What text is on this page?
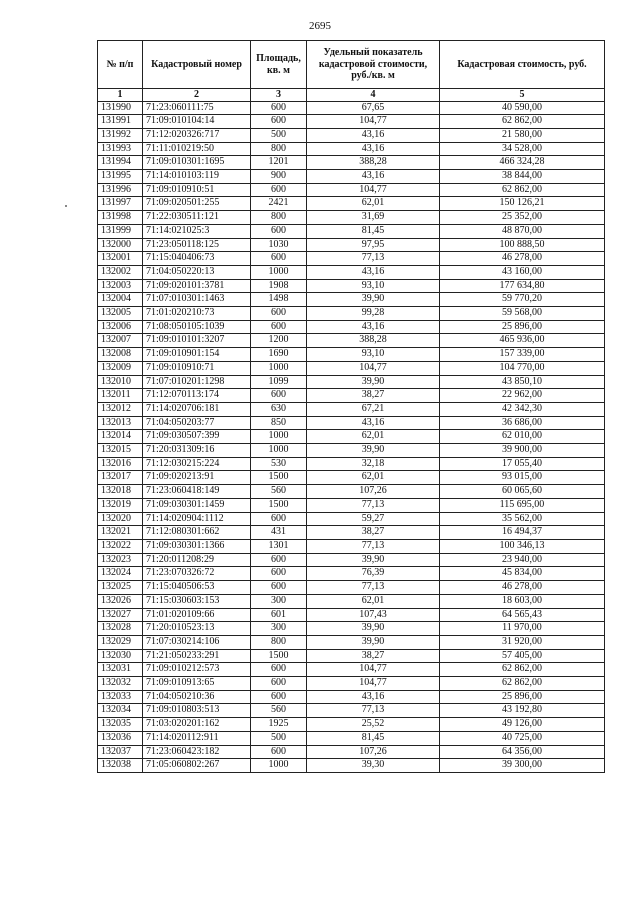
2695
№ п/п	Кадастровый номер	Площадь, кв. м	Удельный показатель кадастровой стоимости, руб./кв. м	Кадастровая стоимость, руб.
1	2	3	4	5
131990	71:23:060111:75	600	67,65	40 590,00
131991	71:09:010104:14	600	104,77	62 862,00
131992	71:12:020326:717	500	43,16	21 580,00
131993	71:11:010219:50	800	43,16	34 528,00
131994	71:09:010301:1695	1201	388,28	466 324,28
131995	71:14:010103:119	900	43,16	38 844,00
131996	71:09:010910:51	600	104,77	62 862,00
131997	71:09:020501:255	2421	62,01	150 126,21
131998	71:22:030511:121	800	31,69	25 352,00
131999	71:14:021025:3	600	81,45	48 870,00
132000	71:23:050118:125	1030	97,95	100 888,50
132001	71:15:040406:73	600	77,13	46 278,00
132002	71:04:050220:13	1000	43,16	43 160,00
132003	71:09:020101:3781	1908	93,10	177 634,80
132004	71:07:010301:1463	1498	39,90	59 770,20
132005	71:01:020210:73	600	99,28	59 568,00
132006	71:08:050105:1039	600	43,16	25 896,00
132007	71:09:010101:3207	1200	388,28	465 936,00
132008	71:09:010901:154	1690	93,10	157 339,00
132009	71:09:010910:71	1000	104,77	104 770,00
132010	71:07:010201:1298	1099	39,90	43 850,10
132011	71:12:070113:174	600	38,27	22 962,00
132012	71:14:020706:181	630	67,21	42 342,30
132013	71:04:050203:77	850	43,16	36 686,00
132014	71:09:030507:399	1000	62,01	62 010,00
132015	71:20:031309:16	1000	39,90	39 900,00
132016	71:12:030215:224	530	32,18	17 055,40
132017	71:09:020213:91	1500	62,01	93 015,00
132018	71:23:060418:149	560	107,26	60 065,60
132019	71:09:030301:1459	1500	77,13	115 695,00
132020	71:14:020904:1112	600	59,27	35 562,00
132021	71:12:080301:662	431	38,27	16 494,37
132022	71:09:030301:1366	1301	77,13	100 346,13
132023	71:20:011208:29	600	39,90	23 940,00
132024	71:23:070326:72	600	76,39	45 834,00
132025	71:15:040506:53	600	77,13	46 278,00
132026	71:15:030603:153	300	62,01	18 603,00
132027	71:01:020109:66	601	107,43	64 565,43
132028	71:20:010523:13	300	39,90	11 970,00
132029	71:07:030214:106	800	39,90	31 920,00
132030	71:21:050233:291	1500	38,27	57 405,00
132031	71:09:010212:573	600	104,77	62 862,00
132032	71:09:010913:65	600	104,77	62 862,00
132033	71:04:050210:36	600	43,16	25 896,00
132034	71:09:010803:513	560	77,13	43 192,80
132035	71:03:020201:162	1925	25,52	49 126,00
132036	71:14:020112:911	500	81,45	40 725,00
132037	71:23:060423:182	600	107,26	64 356,00
132038	71:05:060802:267	1000	39,30	39 300,00
